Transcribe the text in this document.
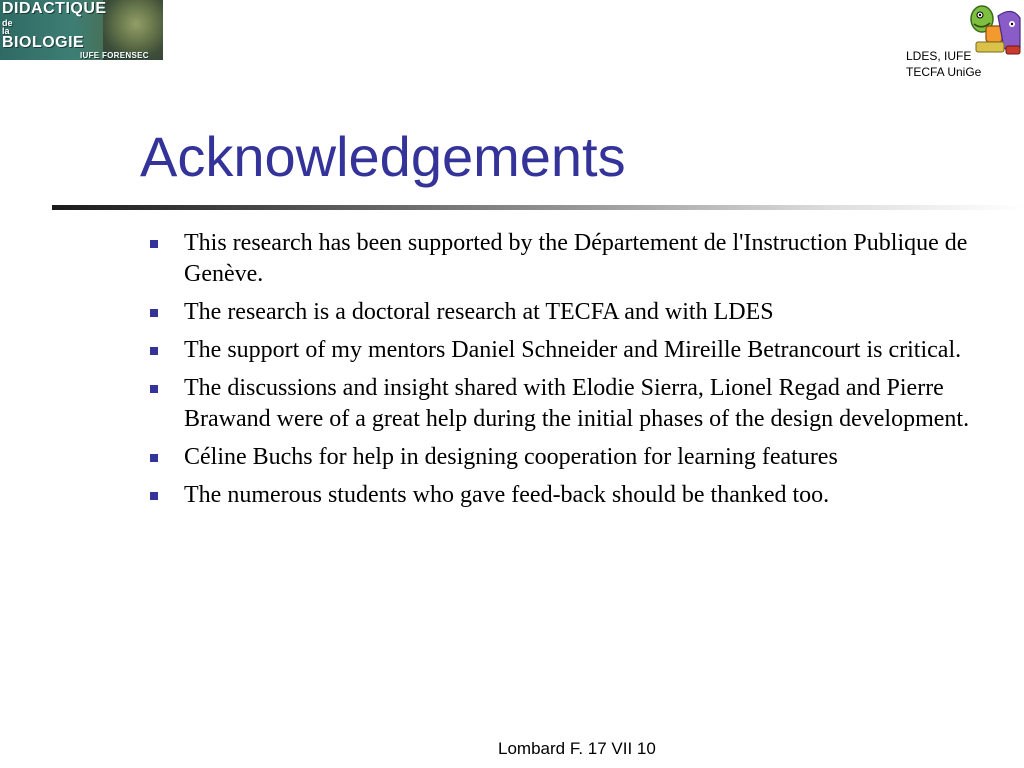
DIDACTIQUE
de
la
BIOLOGIE
IUFE FORENSEC	LDES, IUFE
TECFA UniGe
Acknowledgements
This research has been supported by the Département de l'Instruction Publique de Genève.
The research is a doctoral research at TECFA and with LDES
The support of my mentors Daniel Schneider and Mireille Betrancourt is critical.
The discussions and insight shared with Elodie Sierra, Lionel Regad and Pierre Brawand were of a great help during the initial phases of the design development.
Céline Buchs for help in designing cooperation for learning features
The numerous students who gave feed-back should be thanked too.
Lombard F. 17 VII 10
